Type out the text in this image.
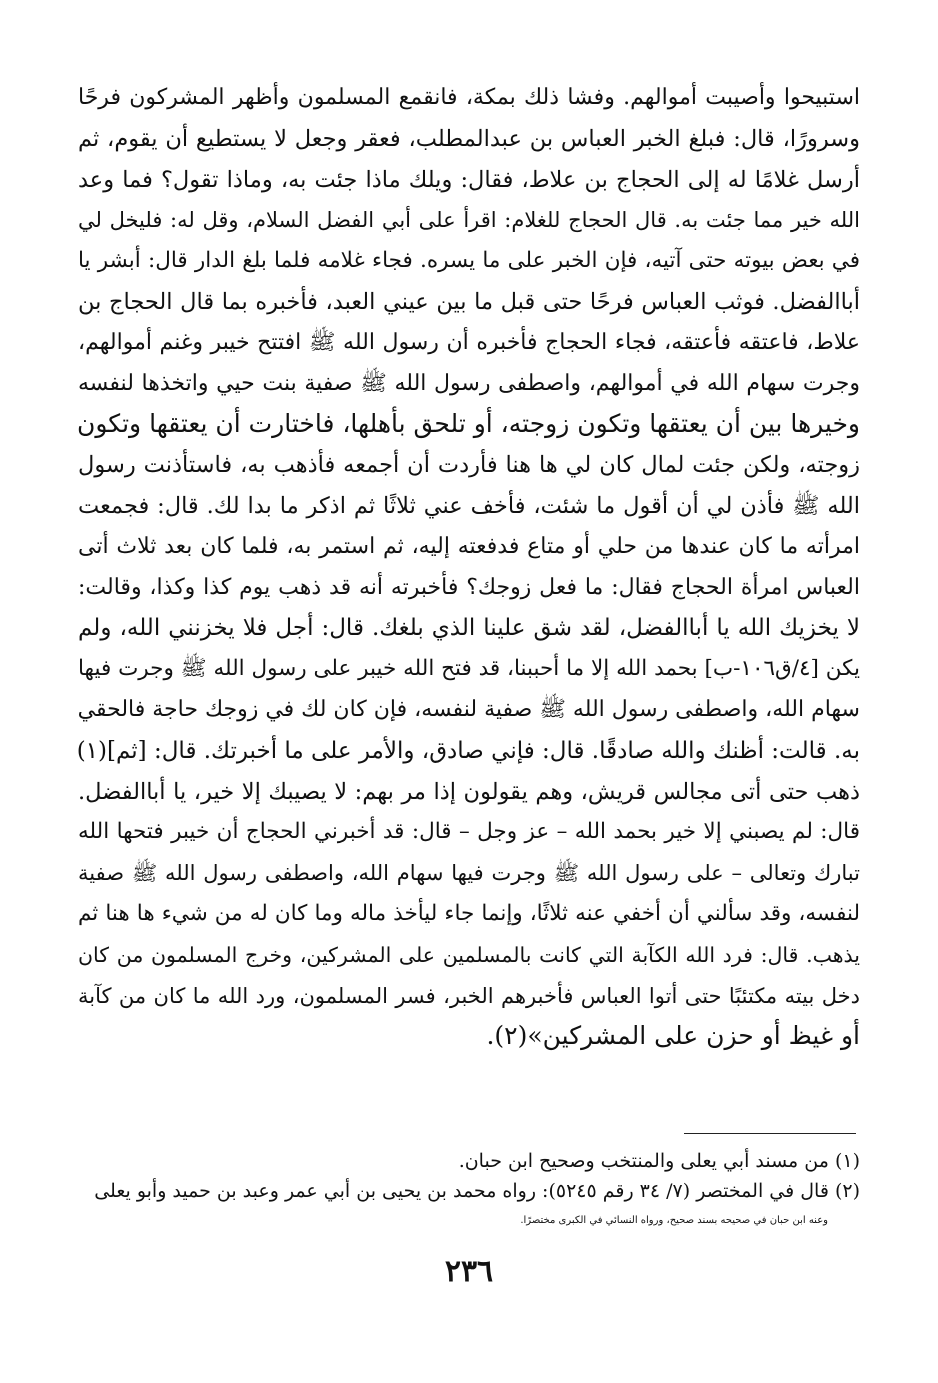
استبيحوا وأصيبت أموالهم. وفشا ذلك بمكة، فانقمع المسلمون وأظهر المشركون فرحًا
وسرورًا، قال: فبلغ الخبر العباس بن عبدالمطلب، فعقر وجعل لا يستطيع أن يقوم، ثم
أرسل غلامًا له إلى الحجاج بن علاط، فقال: ويلك ماذا جئت به، وماذا تقول؟ فما وعد
الله خير مما جئت به. قال الحجاج للغلام: اقرأ على أبي الفضل السلام، وقل له: فليخل لي
في بعض بيوته حتى آتيه، فإن الخبر على ما يسره. فجاء غلامه فلما بلغ الدار قال: أبشر يا
أباالفضل. فوثب العباس فرحًا حتى قبل ما بين عيني العبد، فأخبره بما قال الحجاج بن
علاط، فاعتقه فأعتقه، فجاء الحجاج فأخبره أن رسول الله ﷺ افتتح خيبر وغنم أموالهم،
وجرت سهام الله في أموالهم، واصطفى رسول الله ﷺ صفية بنت حيي واتخذها لنفسه
وخيرها بين أن يعتقها وتكون زوجته، أو تلحق بأهلها، فاختارت أن يعتقها وتكون
زوجته، ولكن جئت لمال كان لي ها هنا فأردت أن أجمعه فأذهب به، فاستأذنت رسول
الله ﷺ فأذن لي أن أقول ما شئت، فأخف عني ثلاثًا ثم اذكر ما بدا لك. قال: فجمعت
امرأته ما كان عندها من حلي أو متاع فدفعته إليه، ثم استمر به، فلما كان بعد ثلاث أتى
العباس امرأة الحجاج فقال: ما فعل زوجك؟ فأخبرته أنه قد ذهب يوم كذا وكذا، وقالت:
لا يخزيك الله يا أباالفضل، لقد شق علينا الذي بلغك. قال: أجل فلا يخزنني الله، ولم
يكن [٤/ق١٠٦-ب] بحمد الله إلا ما أحببنا، قد فتح الله خيبر على رسول الله ﷺ وجرت فيها
سهام الله، واصطفى رسول الله ﷺ صفية لنفسه، فإن كان لك في زوجك حاجة فالحقي
به. قالت: أظنك والله صادقًا. قال: فإني صادق، والأمر على ما أخبرتك. قال: [ثم](١)
ذهب حتى أتى مجالس قريش، وهم يقولون إذا مر بهم: لا يصيبك إلا خير، يا أباالفضل.
قال: لم يصبني إلا خير بحمد الله – عز وجل – قال: قد أخبرني الحجاج أن خيبر فتحها الله
تبارك وتعالى – على رسول الله ﷺ وجرت فيها سهام الله، واصطفى رسول الله ﷺ صفية
لنفسه، وقد سألني أن أخفي عنه ثلاثًا، وإنما جاء ليأخذ ماله وما كان له من شيء ها هنا ثم
يذهب. قال: فرد الله الكآبة التي كانت بالمسلمين على المشركين، وخرج المسلمون من كان
دخل بيته مكتئبًا حتى أتوا العباس فأخبرهم الخبر، فسر المسلمون، ورد الله ما كان من كآبة
أو غيظ أو حزن على المشركين»(٢).
(١) من مسند أبي يعلى والمنتخب وصحيح ابن حبان.
(٢) قال في المختصر (٧/ ٣٤ رقم ٥٢٤٥): رواه محمد بن يحيى بن أبي عمر وعبد بن حميد وأبو يعلى
وعنه ابن حبان في صحيحه بسند صحيح، ورواه النسائي في الكبرى مختصرًا.
٢٣٦
